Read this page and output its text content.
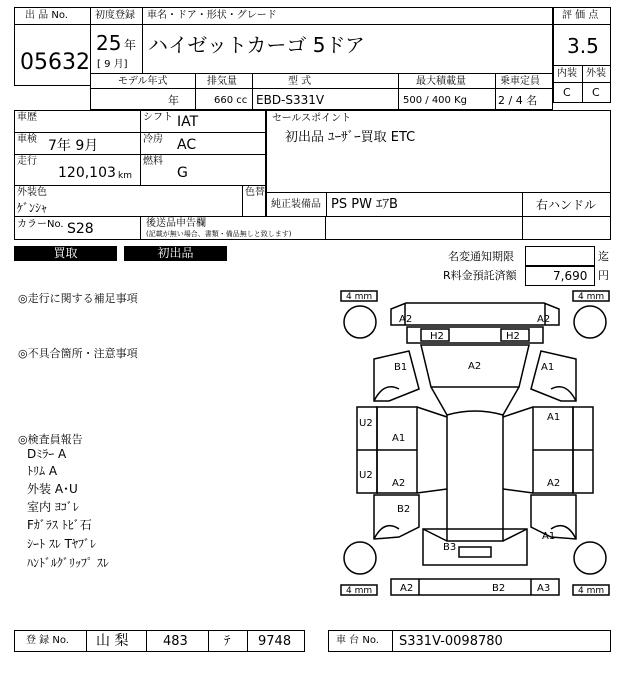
出 品 No.
05632
初度登録 車名・ドア・形状・グレード
25 年
[ 9 月]
ハイゼットカーゴ 5ドア
評 価 点
3.5
内装 外装
C C
モデル年式	排気量	型 式	最大積載量	乗車定員
年	660 cc EBD-S331V	500 / 400 Kg	2 / 4 名
車歴
車検 7年 9月
走行
120,103 km
シフト IAT
冷房 AC
燃料
G
セールスポイント
初出品 ﾕｰｻﾞｰ買取 ETC
外装色
ｹﾞﾝｼｬ
色替
純正装備品 PS PW ｴｱB	右ハンドル
カラーNo. S28	後送品申告欄
(記載が無い場合、書類・備品無しと致します)
買取	初出品	名変通知期限	迄
R料金預託済額	7,690 円
◎走行に関する補足事項
◎不具合箇所・注意事項
◎検査員報告
Dﾐﾗｰ A
ﾄﾘﾑ A
外装 A･U
室内 ﾖｺﾞﾚ
Fｶﾞﾗｽ ﾄﾋﾞ石
ｼｰﾄ ｽﾚ Tﾔﾌﾞﾚ
ﾊﾝﾄﾞﾙｸﾞﾘｯﾌﾟ ｽﾚ
4 mm	4 mm
4 mm	4 mm
A2	A2
H2	H2
B1	A2	A1
U2
A1
A1
U2
A2	A2
B2
A1
B3
A2	B2	A3
登 録 No. 山 梨	483	ﾃ 9748	車 台 No. S331V-0098780
